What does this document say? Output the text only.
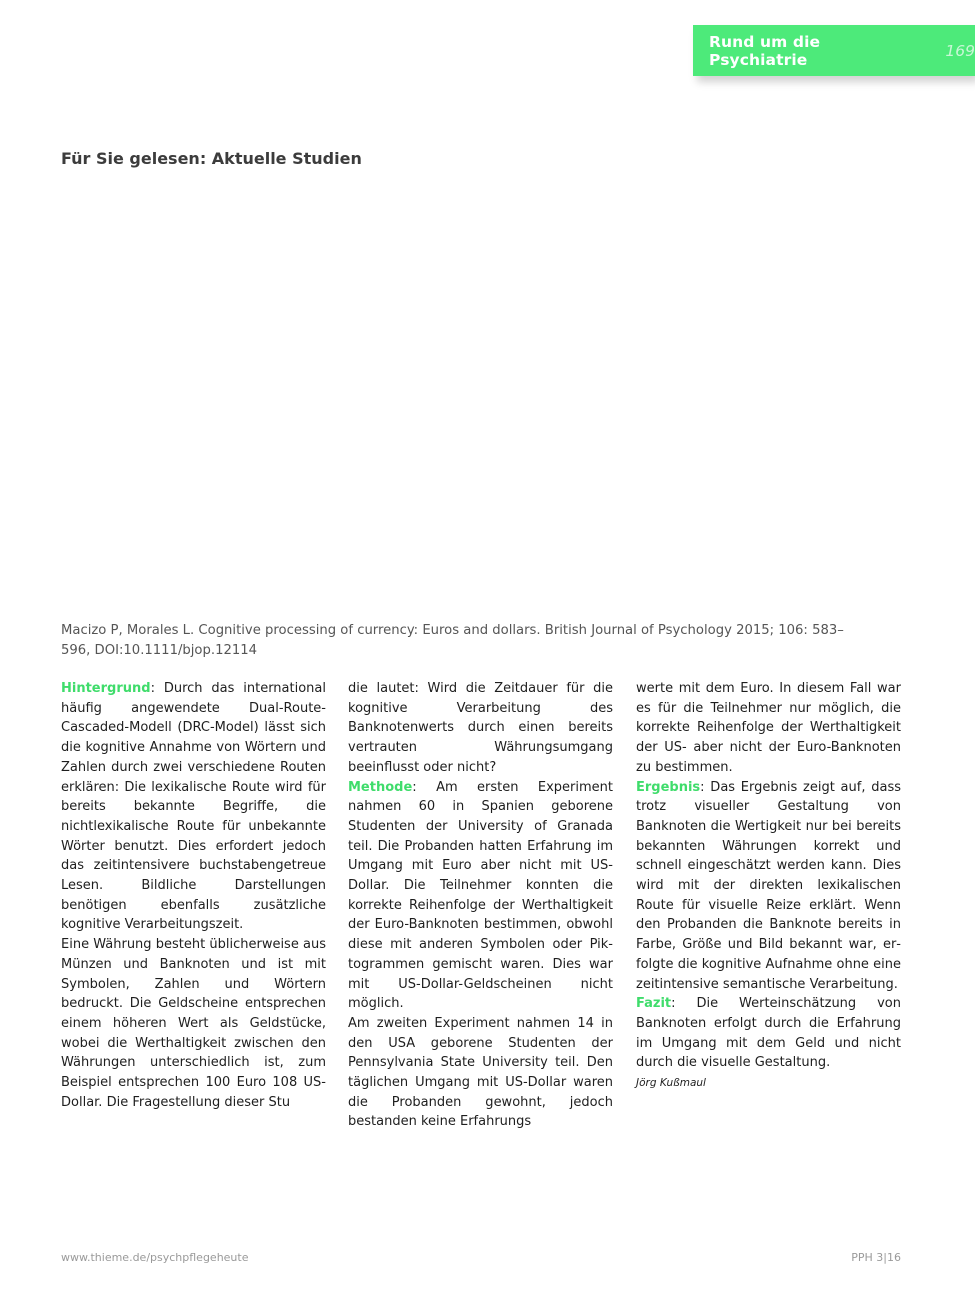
Rund um die Psychiatrie	169
Für Sie gelesen: Aktuelle Studien
Macizo P, Morales L. Cognitive processing of currency: Euros and dollars. British Journal of Psychology 2015; 106: 583–596, DOI:10.1111/bjop.12114

Hintergrund: Durch das international häufig angewendete Dual-Route-Cascaded-Modell (DRC-Model) lässt sich die kognitive Annahme von Wörtern und Zahlen durch zwei verschiedene Routen erklären: Die lexikalische Route wird für bereits bekannte Begriffe, die nichtlexikalische Route für unbekannte Wörter benutzt. Dies erfordert jedoch das zeitintensivere buchstabengetreue Lesen. Bildliche Darstellungen benötigen ebenfalls zusätzliche kognitive Verarbeitungszeit.

Eine Währung besteht üblicherweise aus Münzen und Banknoten und ist mit Symbolen, Zahlen und Wörtern bedruckt. Die Geldscheine entsprechen einem höheren Wert als Geldstücke, wobei die Werthaltigkeit zwischen den Währungen unterschiedlich ist, zum Beispiel entsprechen 100 Euro 108 US-Dollar. Die Fragestellung dieser Stu

die lautet: Wird die Zeitdauer für die kognitive Verarbeitung des Banknotenwerts durch einen bereits vertrauten Währungsumgang beeinflusst oder nicht?

Methode: Am ersten Experiment nahmen 60 in Spanien geborene Studenten der University of Granada teil. Die Probanden hatten Erfahrung im Umgang mit Euro aber nicht mit US-Dollar. Die Teilnehmer konnten die korrekte Reihenfolge der Werthaltigkeit der Euro-Banknoten bestimmen, obwohl diese mit anderen Symbolen oder Piktogrammen gemischt waren. Dies war mit US-Dollar-Geldscheinen nicht möglich.

Am zweiten Experiment nahmen 14 in den USA geborene Studenten der Pennsylvania State University teil. Den täglichen Umgang mit US-Dollar waren die Probanden gewohnt, jedoch bestanden keine Erfahrungs

werte mit dem Euro. In diesem Fall war es für die Teilnehmer nur möglich, die korrekte Reihenfolge der Werthaltigkeit der US- aber nicht der Euro-Banknoten zu bestimmen.

Ergebnis: Das Ergebnis zeigt auf, dass trotz visueller Gestaltung von Banknoten die Wertigkeit nur bei bereits bekannten Währungen korrekt und schnell eingeschätzt werden kann. Dies wird mit der direkten lexikalischen Route für visuelle Reize erklärt. Wenn den Probanden die Banknote bereits in Farbe, Größe und Bild bekannt war, erfolgte die kognitive Aufnahme ohne eine zeitintensive semantische Verarbeitung.

Fazit: Die Werteinschätzung von Banknoten erfolgt durch die Erfahrung im Umgang mit dem Geld und nicht durch die visuelle Gestaltung.

Jörg Kußmaul

www.thieme.de/psychpflegeheute	PPH 3|16
